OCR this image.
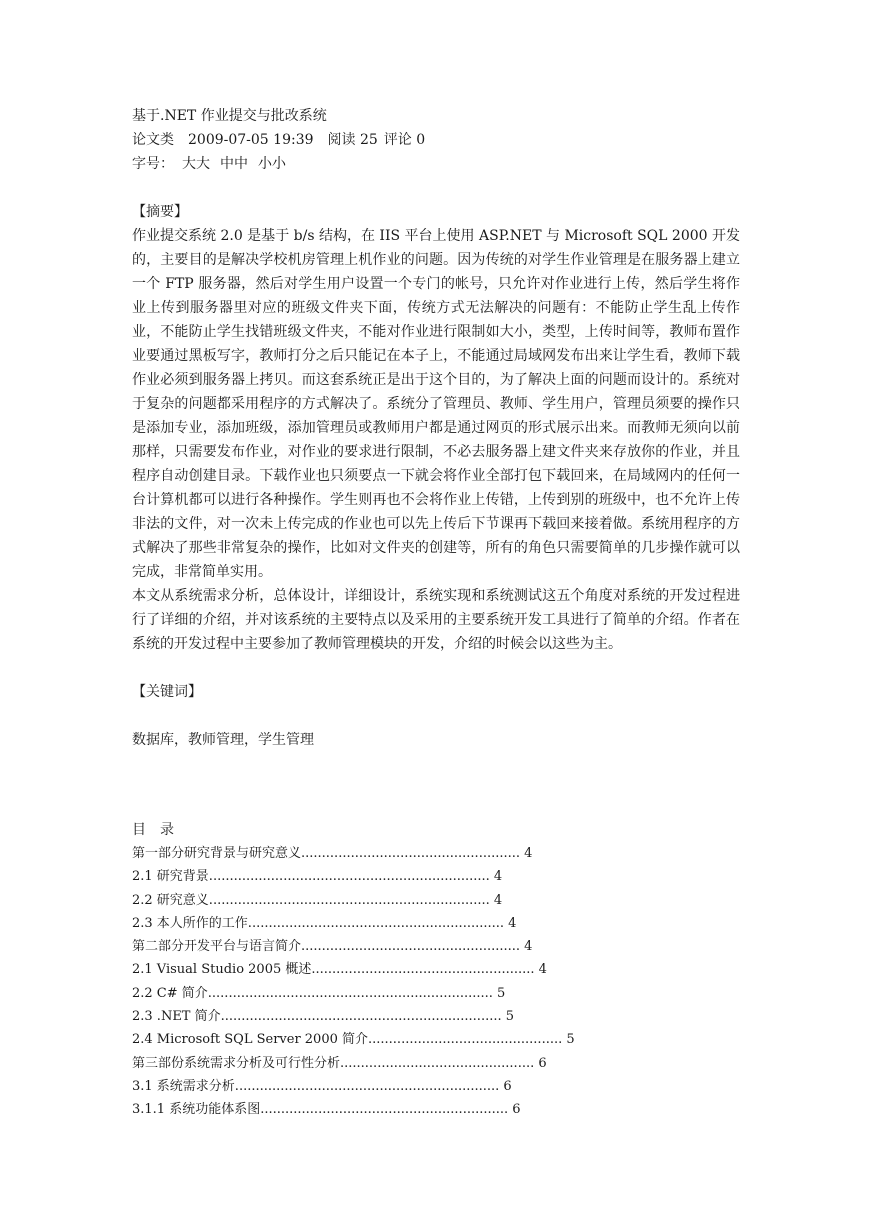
基于.NET 作业提交与批改系统
论文类 2009-07-05 19:39 阅读 25 评论 0
字号： 大大 中中 小小
【摘要】

作业提交系统 2.0 是基于 b/s 结构，在 IIS 平台上使用 ASP.NET 与 Microsoft SQL 2000 开发的，主要目的是解决学校机房管理上机作业的问题。因为传统的对学生作业管理是在服务器上建立一个 FTP 服务器，然后对学生用户设置一个专门的帐号，只允许对作业进行上传，然后学生将作业上传到服务器里对应的班级文件夹下面，传统方式无法解决的问题有：不能防止学生乱上传作业，不能防止学生找错班级文件夹，不能对作业进行限制如大小，类型，上传时间等，教师布置作业要通过黑板写字，教师打分之后只能记在本子上，不能通过局域网发布出来让学生看，教师下载作业必须到服务器上拷贝。而这套系统正是出于这个目的，为了解决上面的问题而设计的。系统对于复杂的问题都采用程序的方式解决了。系统分了管理员、教师、学生用户，管理员须要的操作只是添加专业，添加班级，添加管理员或教师用户都是通过网页的形式展示出来。而教师无须向以前那样，只需要发布作业，对作业的要求进行限制，不必去服务器上建文件夹来存放你的作业，并且程序自动创建目录。下载作业也只须要点一下就会将作业全部打包下载回来，在局域网内的任何一台计算机都可以进行各种操作。学生则再也不会将作业上传错，上传到别的班级中，也不允许上传非法的文件，对一次未上传完成的作业也可以先上传后下节课再下载回来接着做。系统用程序的方式解决了那些非常复杂的操作，比如对文件夹的创建等，所有的角色只需要简单的几步操作就可以完成，非常简单实用。

本文从系统需求分析，总体设计，详细设计，系统实现和系统测试这五个角度对系统的开发过程进行了详细的介绍，并对该系统的主要特点以及采用的主要系统开发工具进行了简单的介绍。作者在系统的开发过程中主要参加了教师管理模块的开发，介绍的时候会以这些为主。

【关键词】
数据库，教师管理，学生管理
目　录
第一部分研究背景与研究意义..................................................... 4
2.1 研究背景.................................................................... 4
2.2 研究意义.................................................................... 4
2.3 本人所作的工作.............................................................. 4
第二部分开发平台与语言简介..................................................... 4
2.1 Visual Studio 2005 概述...................................................... 4
2.2 C# 简介..................................................................... 5
2.3 .NET 简介.................................................................... 5
2.4 Microsoft SQL Server 2000 简介............................................... 5
第三部份系统需求分析及可行性分析............................................... 6
3.1 系统需求分析................................................................ 6
3.1.1 系统功能体系图............................................................ 6
